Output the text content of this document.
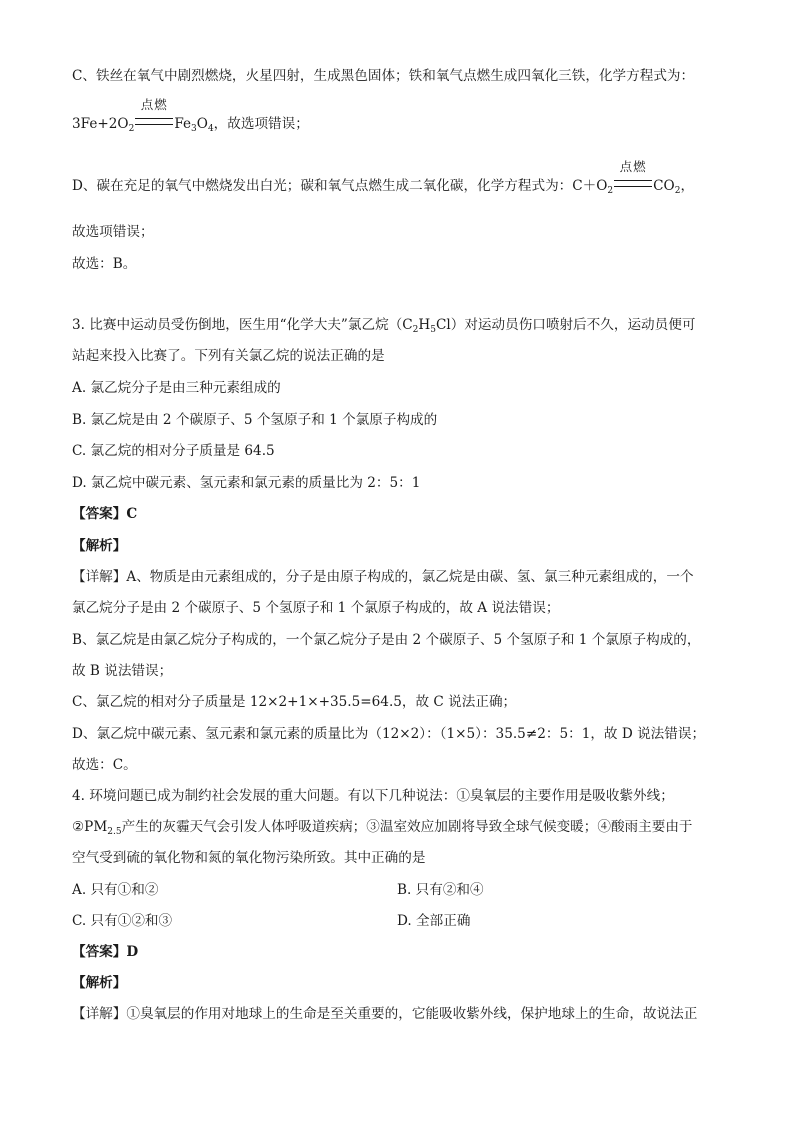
C、铁丝在氧气中剧烈燃烧，火星四射，生成黑色固体；铁和氧气点燃生成四氧化三铁，化学方程式为：
$3Fe+2O_2$
点燃
$Fe_3O_4$，故选项错误；
D、碳在充足的氧气中燃烧发出白光；碳和氧气点燃生成二氧化碳，化学方程式为：$C+O_2$
点燃
$CO_2$，
故选项错误；
故选：B。
3. 比赛中运动员受伤倒地，医生用“化学大夫”氯乙烷$(C_2H_5Cl)$对运动员伤口喷射后不久，运动员便可
站起来投入比赛了。下列有关氯乙烷的说法正确的是
A. 氯乙烷分子是由三种元素组成的
B. 氯乙烷是由 2 个碳原子、5 个氢原子和 1 个氯原子构成的
C. 氯乙烷的相对分子质量是 64.5
D. 氯乙烷中碳元素、氢元素和氯元素的质量比为 2：5：1
【答案】C
【解析】
【详解】A、物质是由元素组成的，分子是由原子构成的，氯乙烷是由碳、氢、氯三种元素组成的，一个
氯乙烷分子是由 2 个碳原子、5 个氢原子和 1 个氯原子构成的，故 A 说法错误；
B、氯乙烷是由氯乙烷分子构成的，一个氯乙烷分子是由 2 个碳原子、5 个氢原子和 1 个氯原子构成的，
故 B 说法错误；
C、氯乙烷的相对分子质量是 12×2+1×+35.5=64.5，故 C 说法正确；
D、氯乙烷中碳元素、氢元素和氯元素的质量比为（12×2）：（1×5）：35.5≠2：5：1，故 D 说法错误；
故选：C。
4. 环境问题已成为制约社会发展的重大问题。有以下几种说法：①臭氧层的主要作用是吸收紫外线；
$②PM_{2.5}$产生的灰霾天气会引发人体呼吸道疾病；③温室效应加剧将导致全球气候变暖；④酸雨主要由于
空气受到硫的氧化物和氮的氧化物污染所致。其中正确的是
A. 只有①和②	B. 只有②和④
C. 只有①②和③	D. 全部正确
【答案】D
【解析】
【详解】①臭氧层的作用对地球上的生命是至关重要的，它能吸收紫外线，保护地球上的生命，故说法正
